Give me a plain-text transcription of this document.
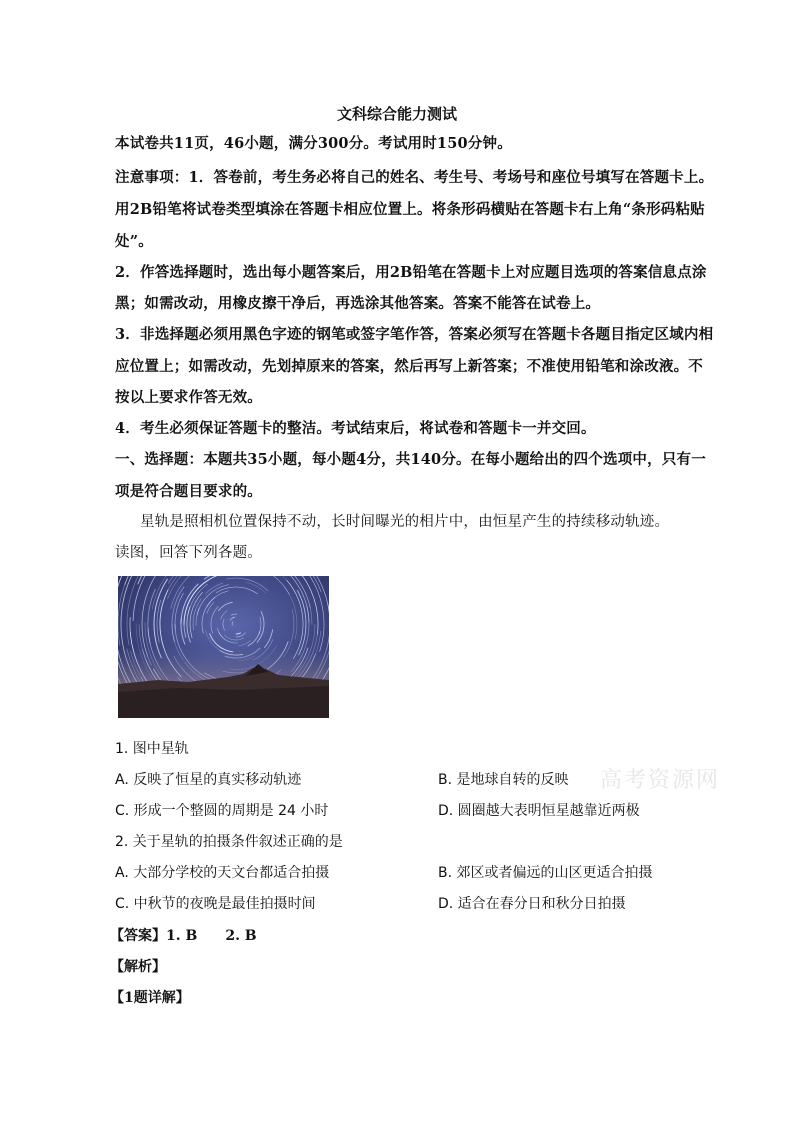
文科综合能力测试
本试卷共11页，46小题，满分300分。考试用时150分钟。
注意事项：1．答卷前，考生务必将自己的姓名、考生号、考场号和座位号填写在答题卡上。
用2B铅笔将试卷类型填涂在答题卡相应位置上。将条形码横贴在答题卡右上角“条形码粘贴
处”。
2．作答选择题时，选出每小题答案后，用2B铅笔在答题卡上对应题目选项的答案信息点涂
黑；如需改动，用橡皮擦干净后，再选涂其他答案。答案不能答在试卷上。
3．非选择题必须用黑色字迹的钢笔或签字笔作答，答案必须写在答题卡各题目指定区域内相
应位置上；如需改动，先划掉原来的答案，然后再写上新答案；不准使用铅笔和涂改液。不
按以上要求作答无效。
4．考生必须保证答题卡的整洁。考试结束后，将试卷和答题卡一并交回。
一、选择题：本题共35小题，每小题4分，共140分。在每小题给出的四个选项中，只有一
项是符合题目要求的。
星轨是照相机位置保持不动，长时间曝光的相片中，由恒星产生的持续移动轨迹。
读图，回答下列各题。
1. 图中星轨
A. 反映了恒星的真实移动轨迹	B. 是地球自转的反映
C. 形成一个整圆的周期是 24 小时	D. 圆圈越大表明恒星越靠近两极
2. 关于星轨的拍摄条件叙述正确的是
A. 大部分学校的天文台都适合拍摄	B. 郊区或者偏远的山区更适合拍摄
C. 中秋节的夜晚是最佳拍摄时间	D. 适合在春分日和秋分日拍摄
高考资源网
【答案】1. B　　2. B
【解析】
【1题详解】
